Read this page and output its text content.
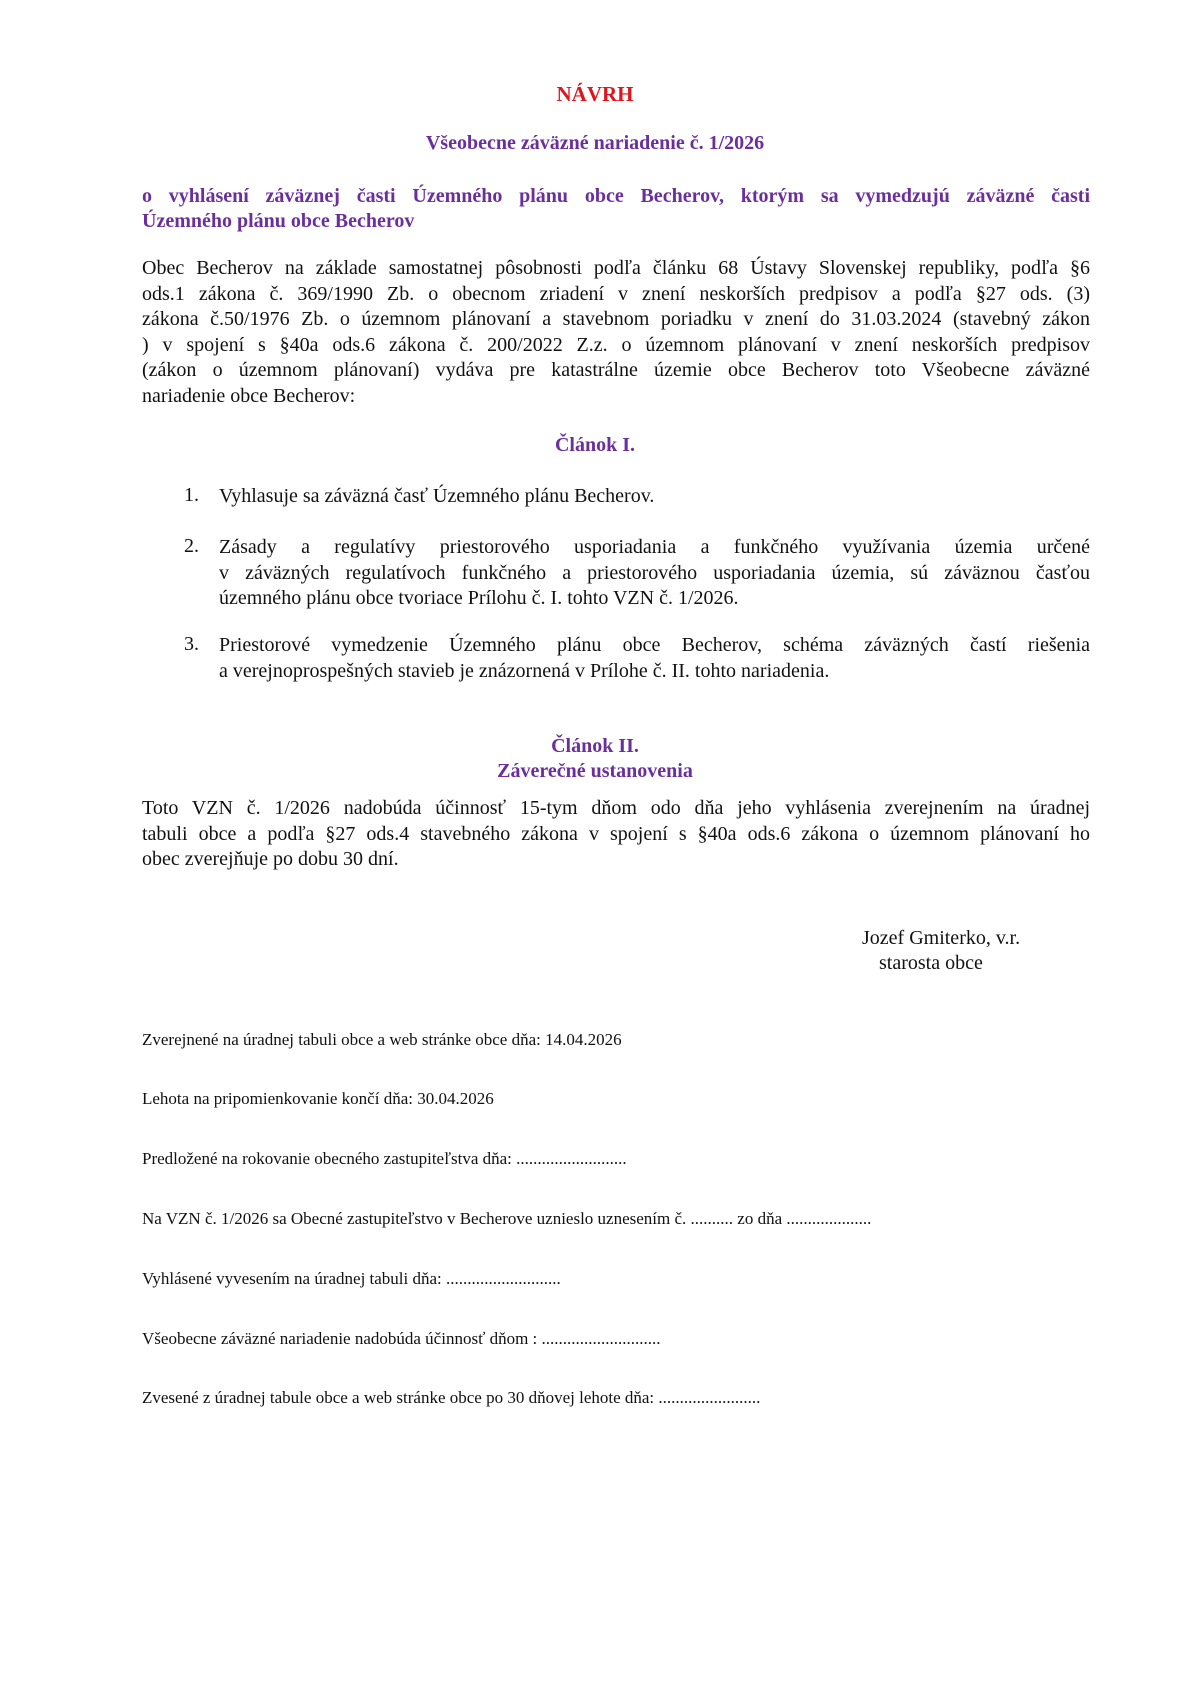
NÁVRH
Všeobecne záväzné nariadenie č. 1/2026
o vyhlásení záväznej časti Územného plánu obce Becherov, ktorým sa vymedzujú záväzné časti
Územného plánu obce Becherov
Obec Becherov na základe samostatnej pôsobnosti podľa článku 68 Ústavy Slovenskej republiky, podľa §6
ods.1 zákona č. 369/1990 Zb. o obecnom zriadení v znení neskorších predpisov a podľa §27 ods. (3)
zákona č.50/1976 Zb. o územnom plánovaní a stavebnom poriadku v znení do 31.03.2024 (stavebný zákon
) v spojení s §40a ods.6 zákona č. 200/2022 Z.z. o územnom plánovaní v znení neskorších predpisov
(zákon o územnom plánovaní) vydáva pre katastrálne územie obce Becherov toto Všeobecne záväzné
nariadenie obce Becherov:
Článok I.
1. Vyhlasuje sa záväzná časť Územného plánu Becherov.
2. Zásady a regulatívy priestorového usporiadania a funkčného využívania územia určené
v záväzných regulatívoch funkčného a priestorového usporiadania územia, sú záväznou časťou
územného plánu obce tvoriace Prílohu č. I. tohto VZN č. 1/2026.
3. Priestorové vymedzenie Územného plánu obce Becherov, schéma záväzných častí riešenia
a verejnoprospešných stavieb je znázornená v Prílohe č. II. tohto nariadenia.
Článok II.
Záverečné ustanovenia
Toto VZN č. 1/2026 nadobúda účinnosť 15-tym dňom odo dňa jeho vyhlásenia zverejnením na úradnej
tabuli obce a podľa §27 ods.4 stavebného zákona v spojení s §40a ods.6 zákona o územnom plánovaní ho
obec zverejňuje po dobu 30 dní.
Jozef Gmiterko, v.r.
starosta obce
Zverejnené na úradnej tabuli obce a web stránke obce dňa: 14.04.2026
Lehota na pripomienkovanie končí dňa: 30.04.2026
Predložené na rokovanie obecného zastupiteľstva dňa: ..........................
Na VZN č. 1/2026 sa Obecné zastupiteľstvo v Becherove uznieslo uznesením č. .......... zo dňa ....................
Vyhlásené vyvesením na úradnej tabuli dňa: ...........................
Všeobecne záväzné nariadenie nadobúda účinnosť dňom : ............................
Zvesené z úradnej tabule obce a web stránke obce po 30 dňovej lehote dňa: ........................
